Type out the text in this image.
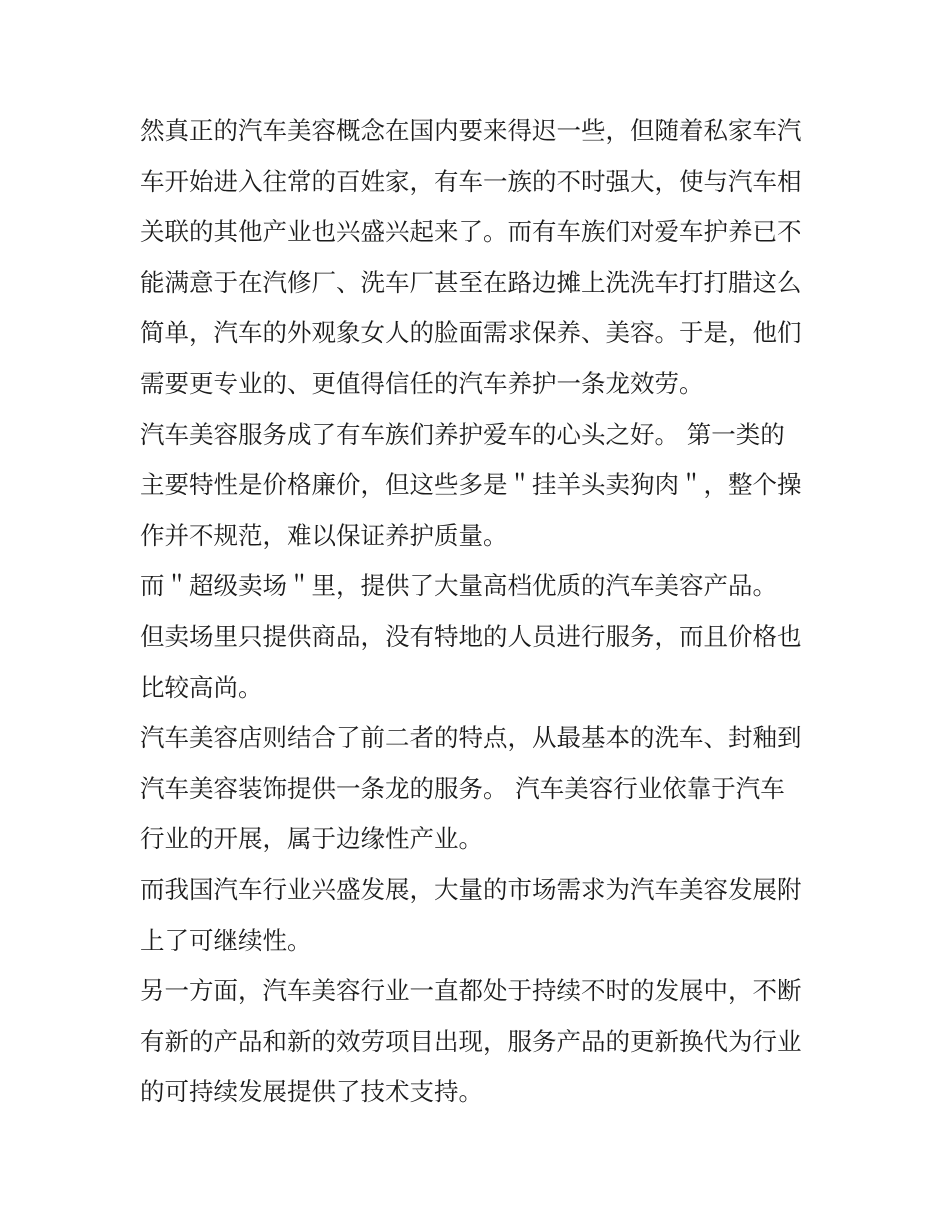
然真正的汽车美容概念在国内要来得迟一些，但随着私家车汽
车开始进入往常的百姓家，有车一族的不时强大，使与汽车相
关联的其他产业也兴盛兴起来了。而有车族们对爱车护养已不
能满意于在汽修厂、洗车厂甚至在路边摊上洗洗车打打腊这么
简单，汽车的外观象女人的脸面需求保养、美容。于是，他们
需要更专业的、更值得信任的汽车养护一条龙效劳。

汽车美容服务成了有车族们养护爱车的心头之好。 第一类的
主要特性是价格廉价，但这些多是＂挂羊头卖狗肉＂，整个操
作并不规范，难以保证养护质量。

而＂超级卖场＂里，提供了大量高档优质的汽车美容产品。

但卖场里只提供商品，没有特地的人员进行服务，而且价格也
比较高尚。

汽车美容店则结合了前二者的特点，从最基本的洗车、封釉到
汽车美容装饰提供一条龙的服务。 汽车美容行业依靠于汽车
行业的开展，属于边缘性产业。

而我国汽车行业兴盛发展，大量的市场需求为汽车美容发展附
上了可继续性。

另一方面，汽车美容行业一直都处于持续不时的发展中，不断
有新的产品和新的效劳项目出现，服务产品的更新换代为行业
的可持续发展提供了技术支持。
